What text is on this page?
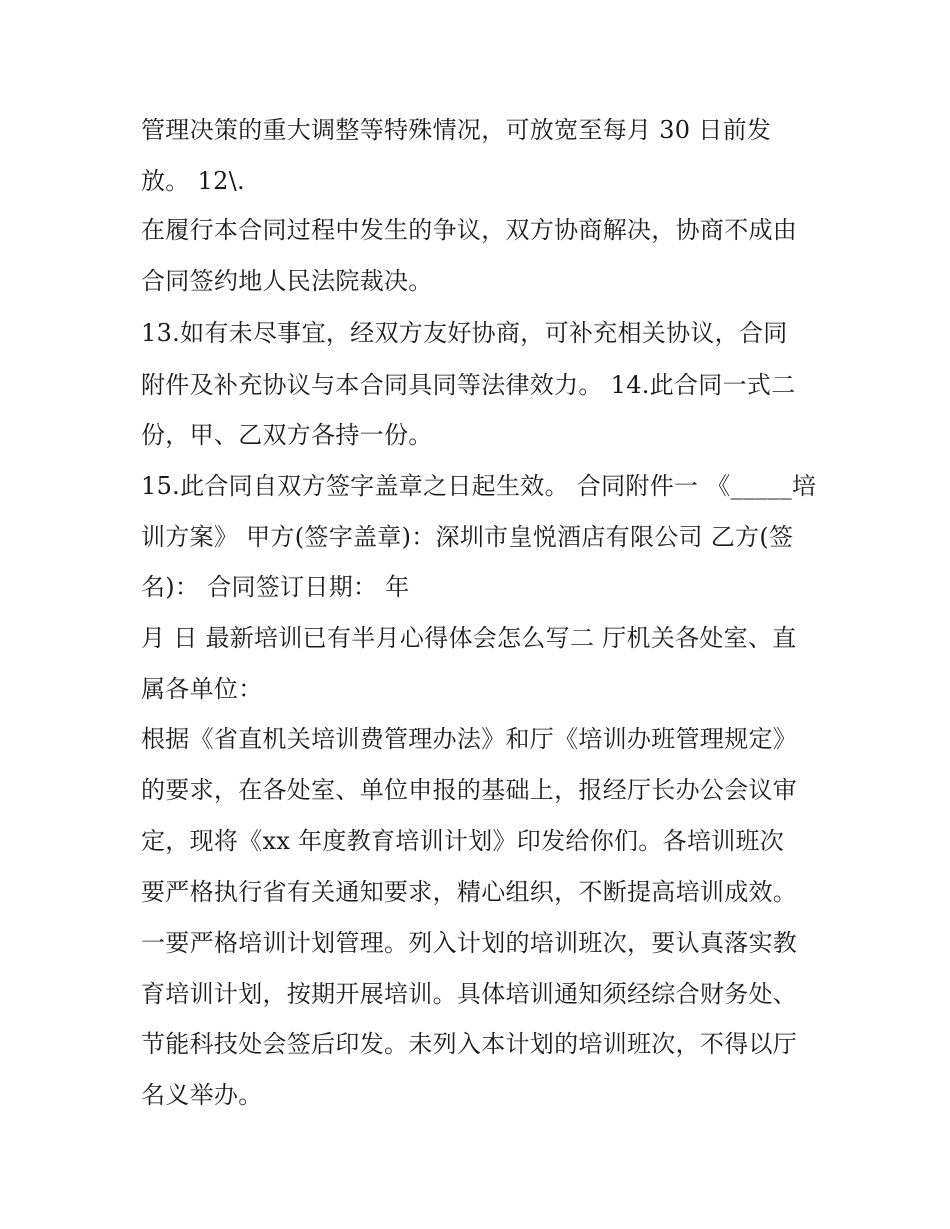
管理决策的重大调整等特殊情况，可放宽至每月 30 日前发
放。 12\.
在履行本合同过程中发生的争议，双方协商解决，协商不成由
合同签约地人民法院裁决。
13.如有未尽事宜，经双方友好协商，可补充相关协议，合同
附件及补充协议与本合同具同等法律效力。 14.此合同一式二
份，甲、乙双方各持一份。
15.此合同自双方签字盖章之日起生效。 合同附件一 《_____培
训方案》 甲方(签字盖章)：深圳市皇悦酒店有限公司 乙方(签
名)： 合同签订日期： 年
月 日 最新培训已有半月心得体会怎么写二 厅机关各处室、直
属各单位：
根据《省直机关培训费管理办法》和厅《培训办班管理规定》
的要求，在各处室、单位申报的基础上，报经厅长办公会议审
定，现将《xx 年度教育培训计划》印发给你们。各培训班次
要严格执行省有关通知要求，精心组织，不断提高培训成效。
一要严格培训计划管理。列入计划的培训班次，要认真落实教
育培训计划，按期开展培训。具体培训通知须经综合财务处、
节能科技处会签后印发。未列入本计划的培训班次，不得以厅
名义举办。
